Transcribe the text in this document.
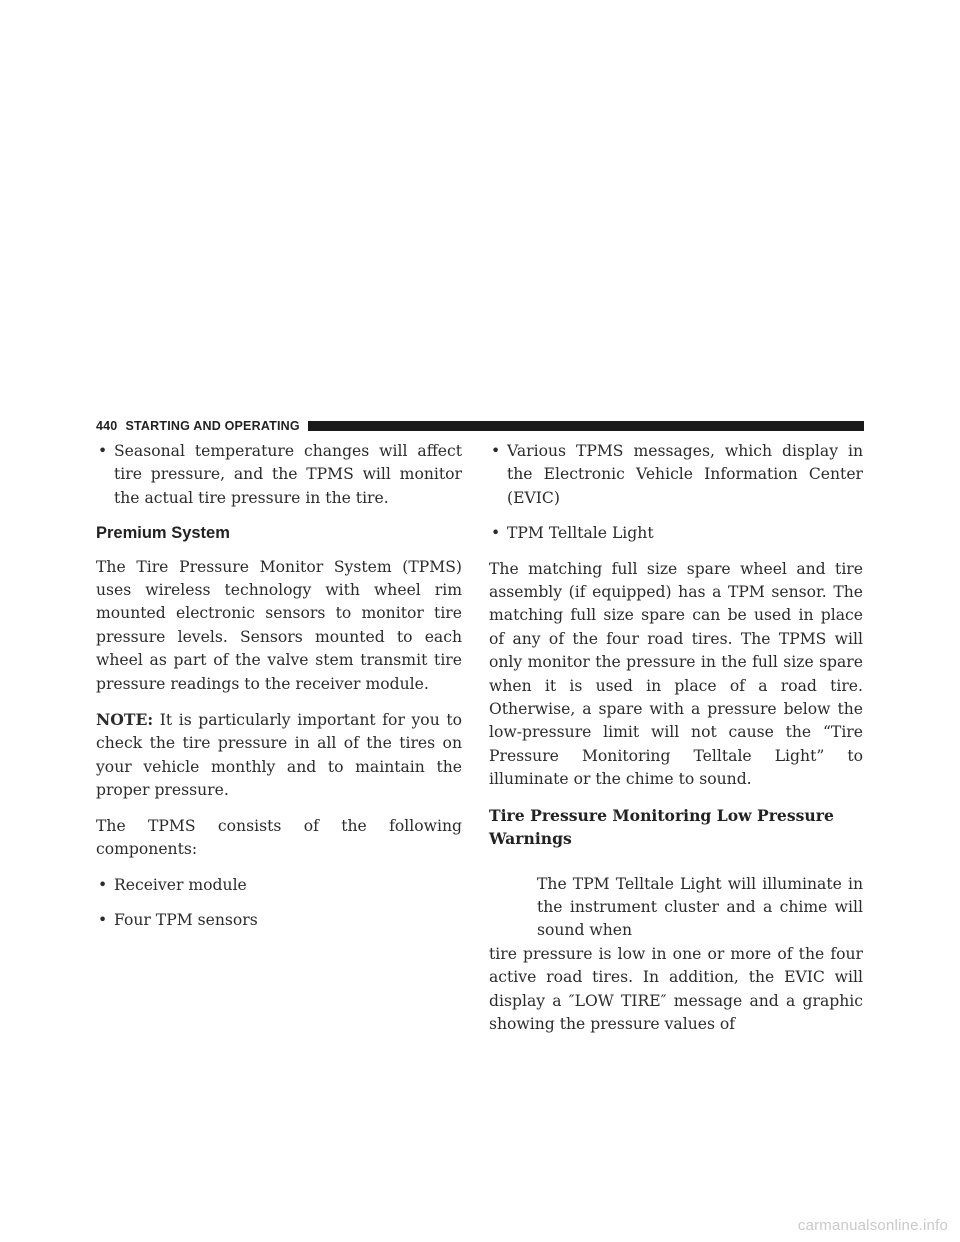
440 STARTING AND OPERATING
• Seasonal temperature changes will affect tire pressure, and the TPMS will monitor the actual tire pressure in the tire.
Premium System

The Tire Pressure Monitor System (TPMS) uses wireless technology with wheel rim mounted electronic sensors to monitor tire pressure levels. Sensors mounted to each wheel as part of the valve stem transmit tire pressure readings to the receiver module.

NOTE: It is particularly important for you to check the tire pressure in all of the tires on your vehicle monthly and to maintain the proper pressure.

The TPMS consists of the following components:

• Receiver module
• Four TPM sensors
• Various TPMS messages, which display in the Electronic Vehicle Information Center (EVIC)
• TPM Telltale Light

The matching full size spare wheel and tire assembly (if equipped) has a TPM sensor. The matching full size spare can be used in place of any of the four road tires. The TPMS will only monitor the pressure in the full size spare when it is used in place of a road tire. Otherwise, a spare with a pressure below the low-pressure limit will not cause the “Tire Pressure Monitoring Telltale Light” to illuminate or the chime to sound.

Tire Pressure Monitoring Low Pressure Warnings

The TPM Telltale Light will illuminate in the instrument cluster and a chime will sound when

tire pressure is low in one or more of the four active road tires. In addition, the EVIC will display a ″LOW TIRE″ message and a graphic showing the pressure values of

carmanualsonline.info
